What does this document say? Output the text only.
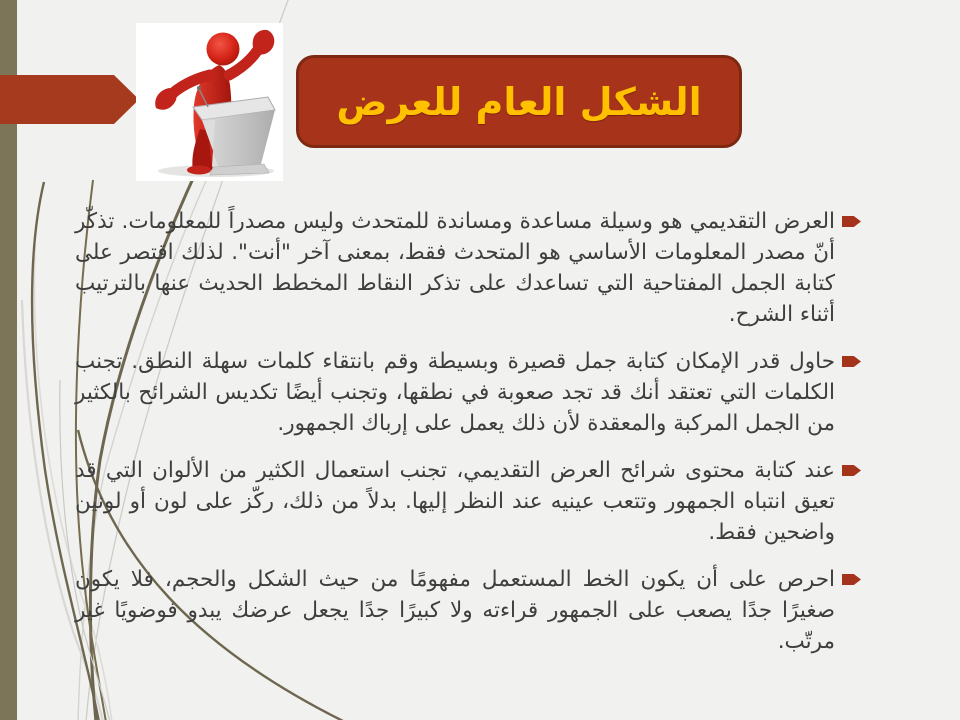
الشكل العام للعرض
العرض التقديمي هو وسيلة مساعدة ومساندة للمتحدث وليس مصدراً للمعلومات. تذكّر أنّ مصدر المعلومات الأساسي هو المتحدث فقط، بمعنى آخر "أنت". لذلك اقتصر على كتابة الجمل المفتاحية التي تساعدك على تذكر النقاط المخطط الحديث عنها بالترتيب أثناء الشرح.
حاول قدر الإمكان كتابة جمل قصيرة وبسيطة وقم بانتقاء كلمات سهلة النطق. تجنب الكلمات التي تعتقد أنك قد تجد صعوبة في نطقها، وتجنب أيضًا تكديس الشرائح بالكثير من الجمل المركبة والمعقدة لأن ذلك يعمل على إرباك الجمهور.
عند كتابة محتوى شرائح العرض التقديمي، تجنب استعمال الكثير من الألوان التي قد تعيق انتباه الجمهور وتتعب عينيه عند النظر إليها. بدلاً من ذلك، ركّز على لون أو لونين واضحين فقط.
احرص على أن يكون الخط المستعمل مفهومًا من حيث الشكل والحجم، فلا يكون صغيرًا جدًا يصعب على الجمهور قراءته ولا كبيرًا جدًا يجعل عرضك يبدو فوضويًا غير مرتّب.
